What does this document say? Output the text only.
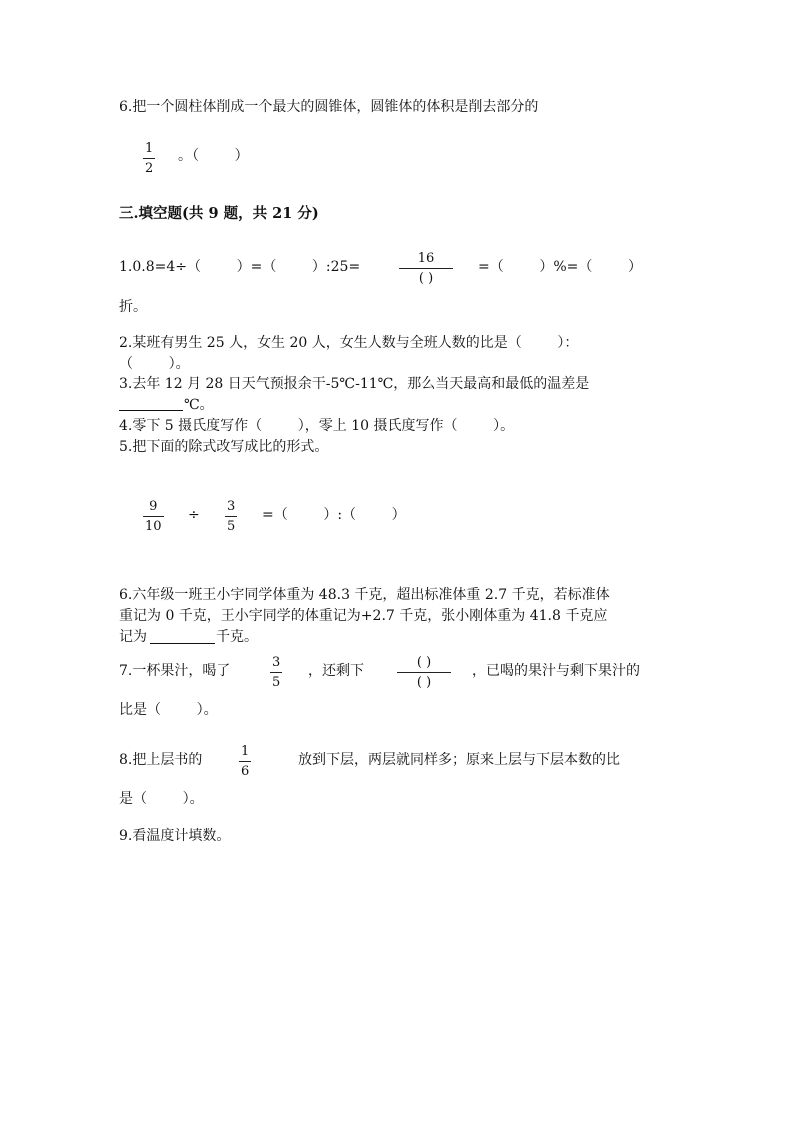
6.把一个圆柱体削成一个最大的圆锥体，圆锥体的体积是削去部分的
1
2
。（        ）
三.填空题(共 9 题，共 21 分)
1.0.8=4÷（        ）=（        ）:25=
16
( )
=（        ）%=（        ）
折。
2.某班有男生 25 人，女生 20 人，女生人数与全班人数的比是（        ）：
（        ）。
3.去年 12 月 28 日天气预报余干-5℃-11℃，那么当天最高和最低的温差是
℃。
4.零下 5 摄氏度写作（        ），零上 10 摄氏度写作（        ）。
5.把下面的除式改写成比的形式。
9
10
÷
3
5
=（        ）:（        ）
6.六年级一班王小宇同学体重为 48.3 千克，超出标准体重 2.7 千克，若标准体
重记为 0 千克，王小宇同学的体重记为+2.7 千克，张小刚体重为 41.8 千克应
记为	千克。
7.一杯果汁，喝了
3
5
，还剩下
( )
( )
，已喝的果汁与剩下果汁的
比是（        ）。
8.把上层书的
1
6
放到下层，两层就同样多；原来上层与下层本数的比
是（        ）。
9.看温度计填数。
